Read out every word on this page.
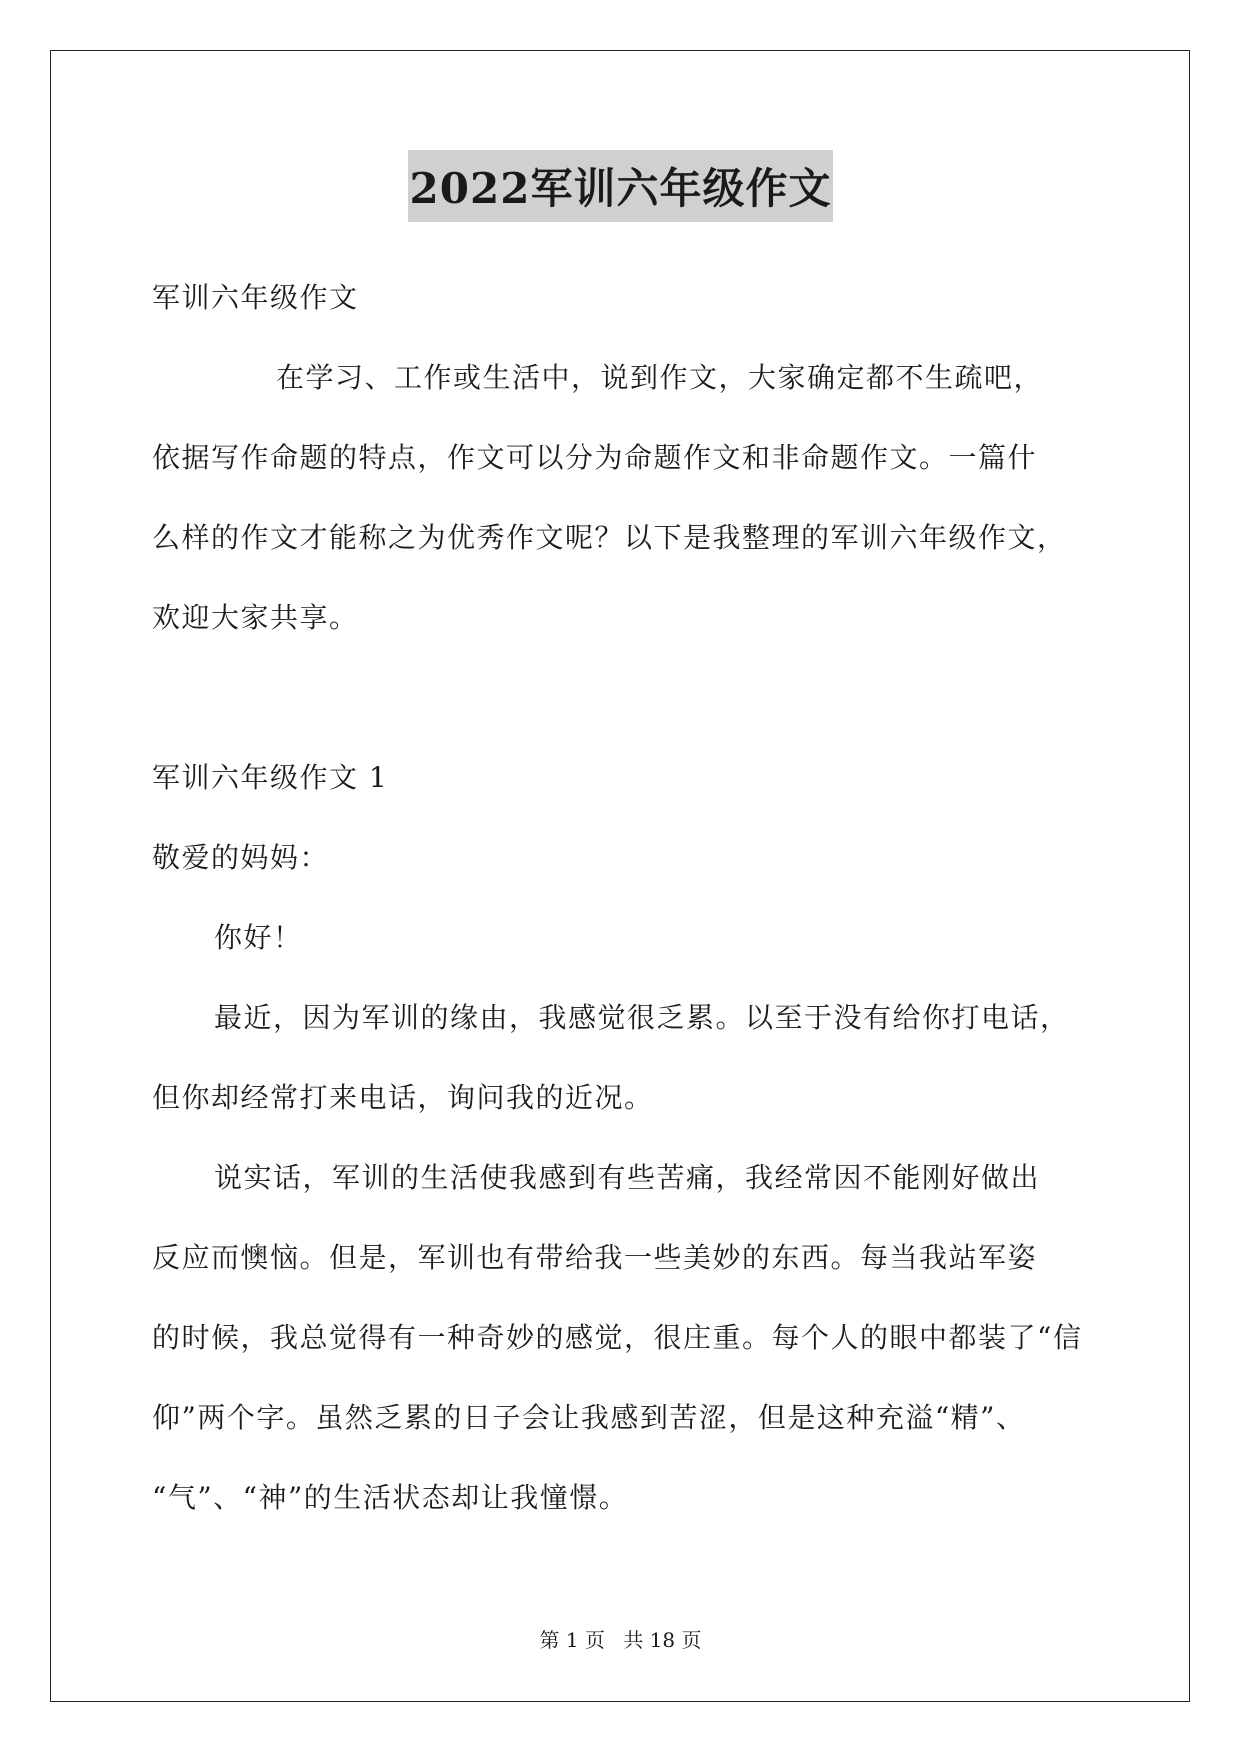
2022军训六年级作文
军训六年级作文
在学习、工作或生活中，说到作文，大家确定都不生疏吧，
依据写作命题的特点，作文可以分为命题作文和非命题作文。一篇什
么样的作文才能称之为优秀作文呢？以下是我整理的军训六年级作文，
欢迎大家共享。
军训六年级作文 1
敬爱的妈妈：
你好！
最近，因为军训的缘由，我感觉很乏累。以至于没有给你打电话，
但你却经常打来电话，询问我的近况。
说实话，军训的生活使我感到有些苦痛，我经常因不能刚好做出
反应而懊恼。但是，军训也有带给我一些美妙的东西。每当我站军姿
的时候，我总觉得有一种奇妙的感觉，很庄重。每个人的眼中都装了“信
仰”两个字。虽然乏累的日子会让我感到苦涩，但是这种充溢“精”、
“气”、“神”的生活状态却让我憧憬。
第 1 页 共 18 页
